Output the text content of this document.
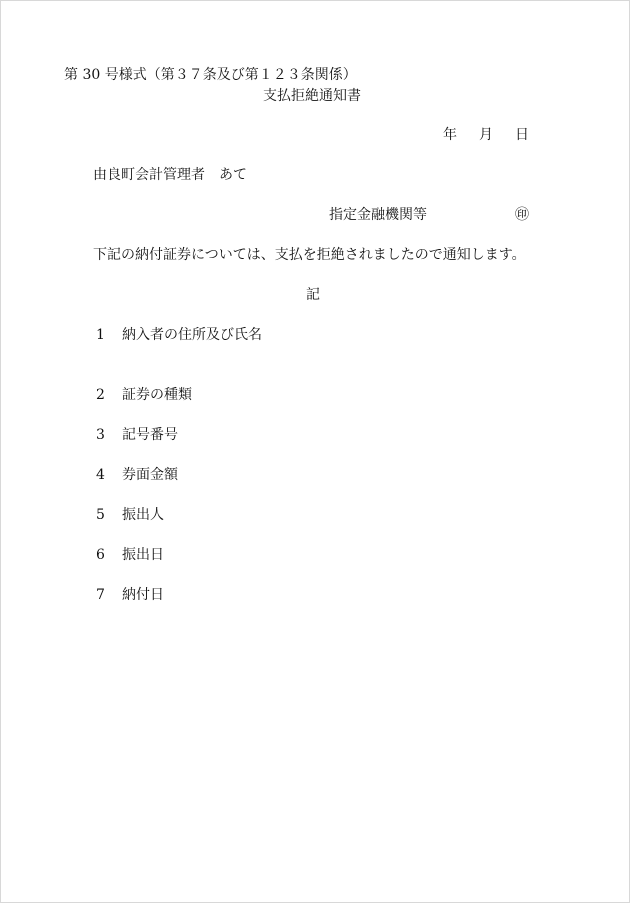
第 30 号様式（第３７条及び第１２３条関係）
支払拒絶通知書
年 月 日
由良町会計管理者　あて
指定金融機関等	㊞
下記の納付証券については、支払を拒絶されましたので通知します。
記
1 納入者の住所及び氏名
2 証券の種類
3 記号番号
4 券面金額
5 振出人
6 振出日
7 納付日
